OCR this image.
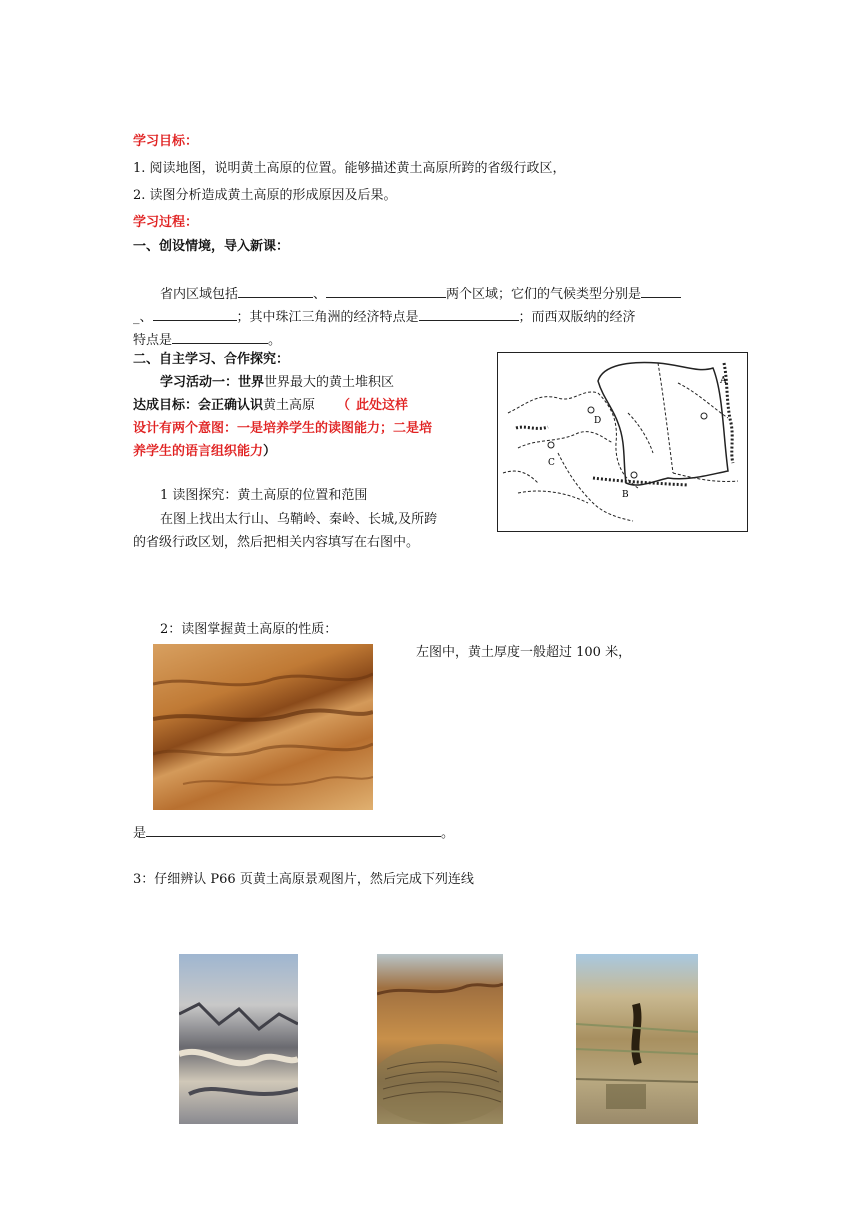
学习目标：
1. 阅读地图，说明黄土高原的位置。能够描述黄土高原所跨的省级行政区，
2. 读图分析造成黄土高原的形成原因及后果。
学习过程：
一、创设情境，导入新课：
省内区域包括	、	两个区域；它们的气候类型分别是
_、	；其中珠江三角洲的经济特点是	；而西双版纳的经济
特点是	。
二、自主学习、合作探究：
学习活动一：世界世界最大的黄土堆积区
达成目标：会正确认识黄土高原 （ 此处这样
设计有两个意图：一是培养学生的读图能力；二是培
养学生的语言组织能力）
1 读图探究：黄土高原的位置和范围
在图上找出太行山、乌鞘岭、秦岭、长城,及所跨
的省级行政区划，然后把相关内容填写在右图中。
A
B
C
D
2：读图掌握黄土高原的性质：
左图中，黄土厚度一般超过 100 米，
是	。
3：仔细辨认 P66 页黄土高原景观图片，然后完成下列连线
